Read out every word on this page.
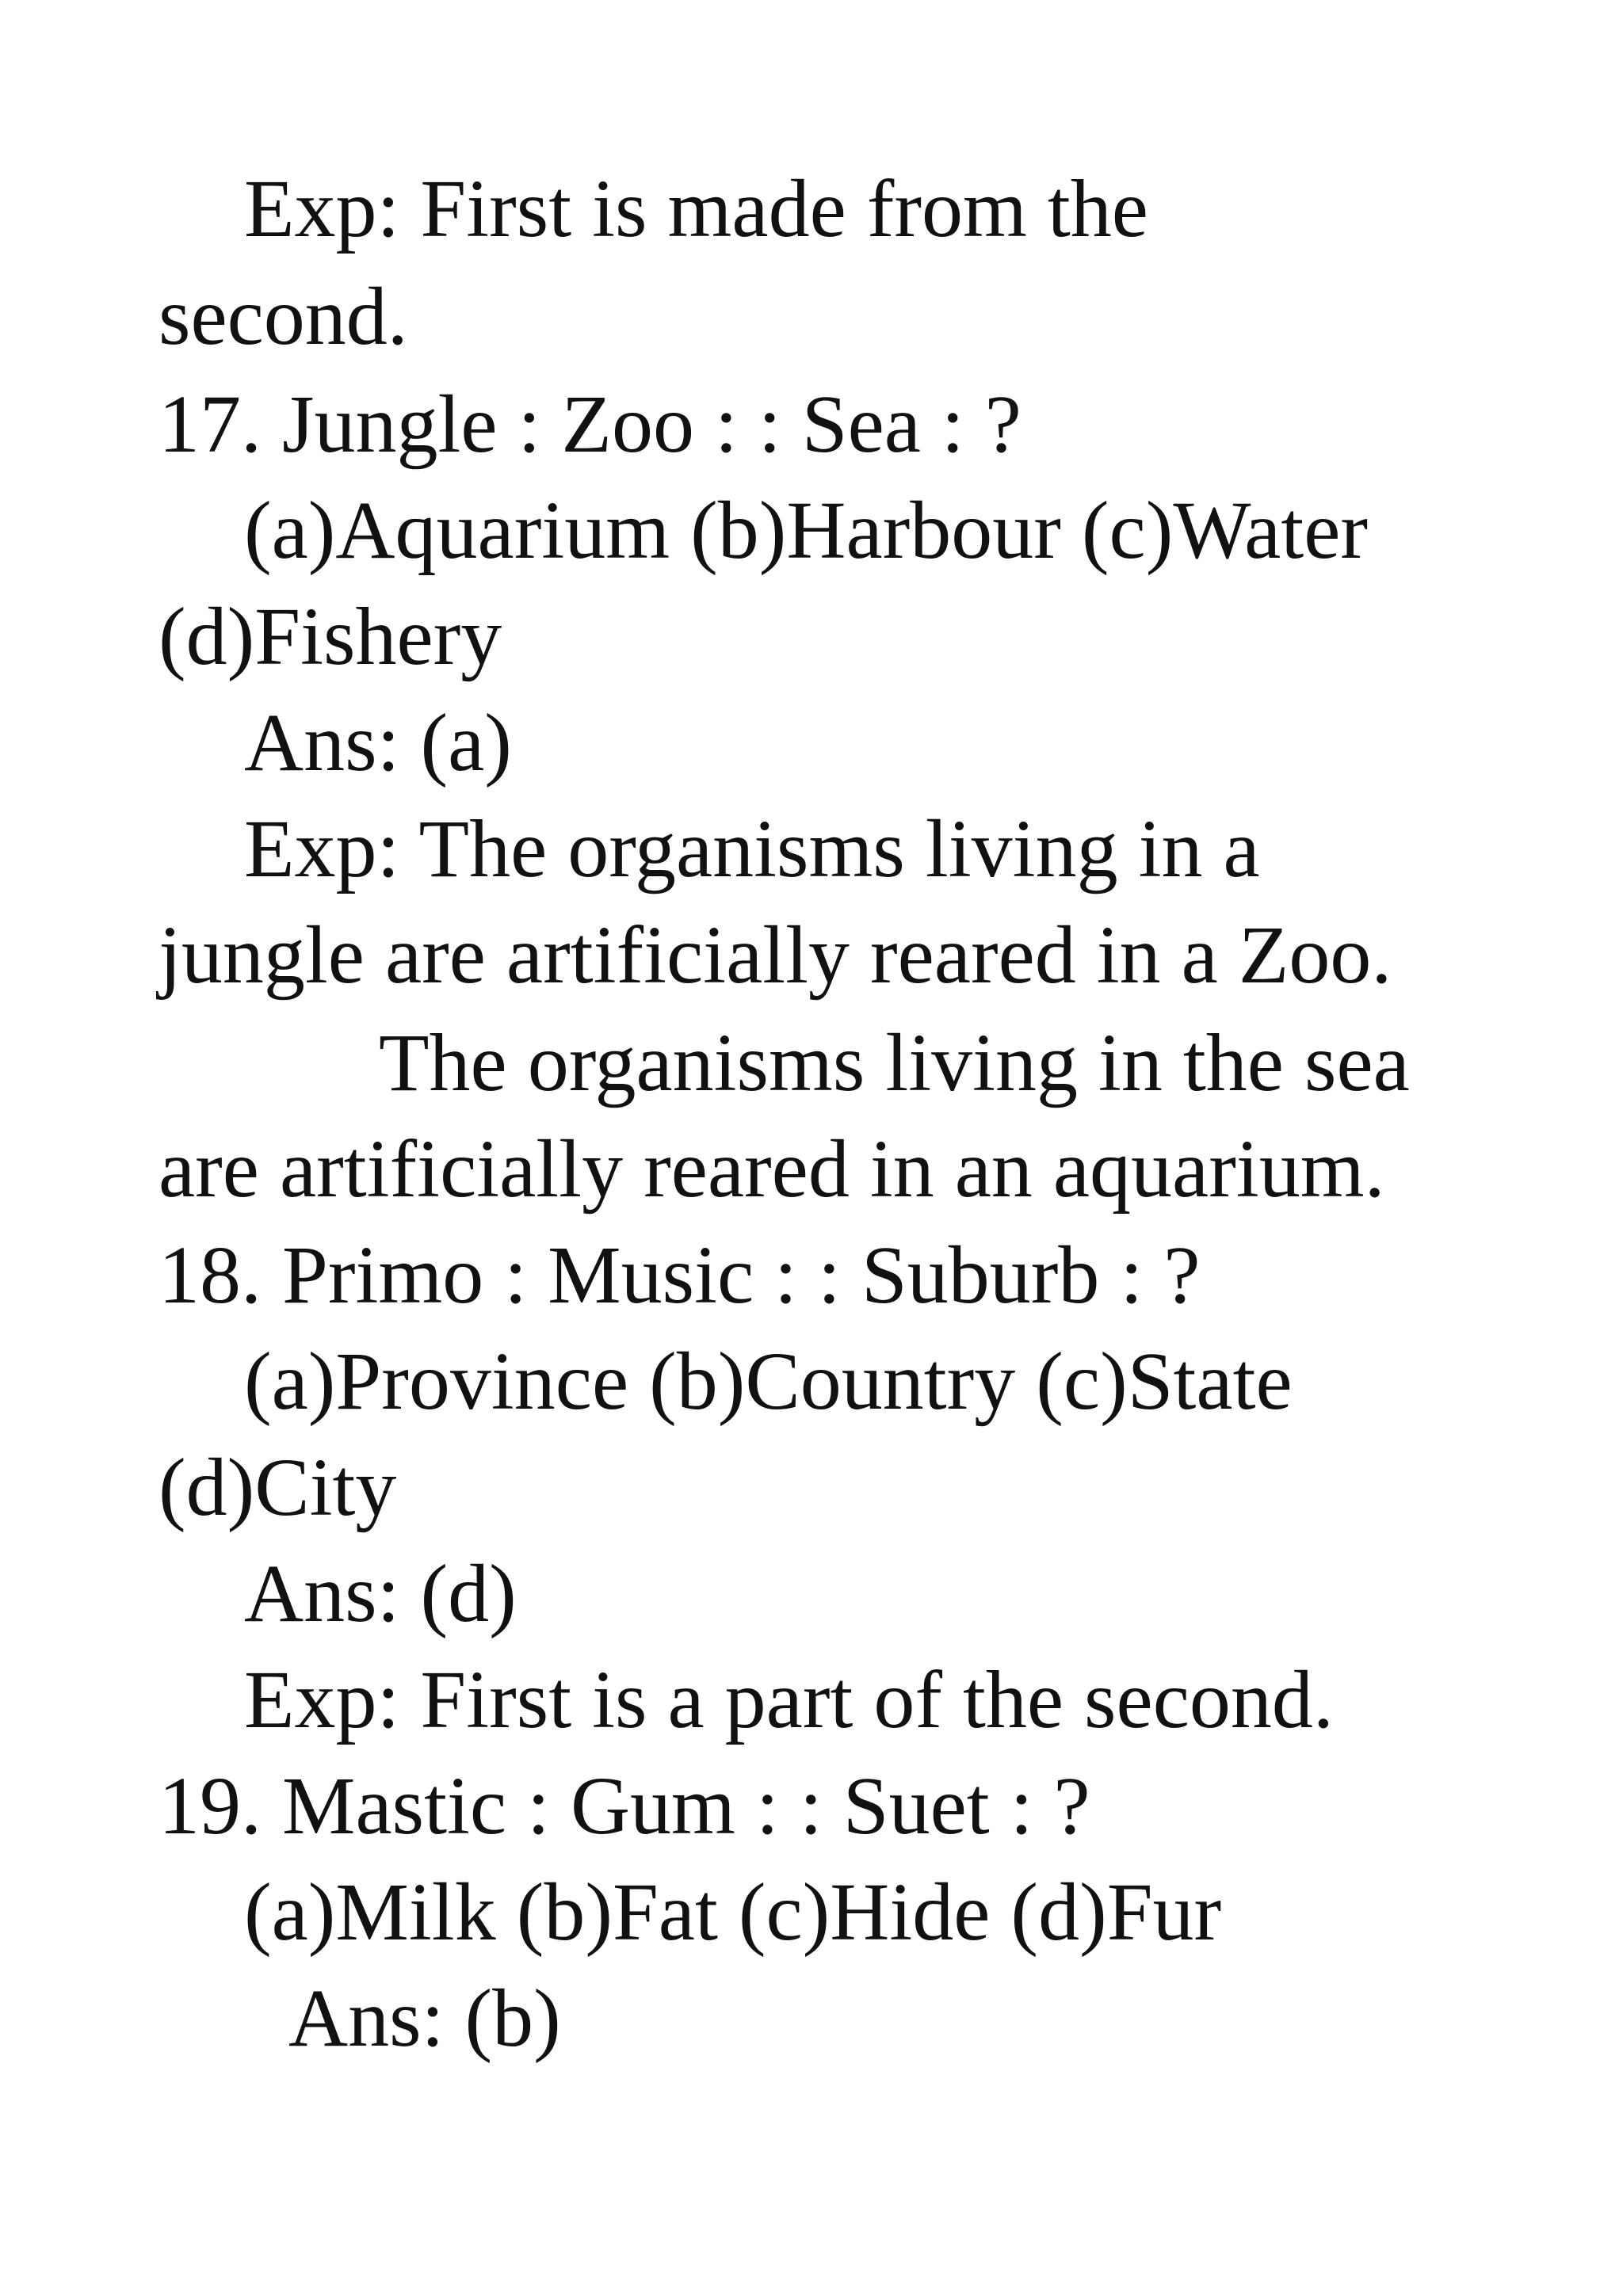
Exp: First is made from the
second.
17. Jungle : Zoo : : Sea : ?
(a)Aquarium (b)Harbour (c)Water
(d)Fishery
Ans: (a)
Exp: The organisms living in a
jungle are artificially reared in a Zoo.
The organisms living in the sea
are artificially reared in an aquarium.
18. Primo : Music : : Suburb : ?
(a)Province (b)Country (c)State
(d)City
Ans: (d)
Exp: First is a part of the second.
19. Mastic : Gum : : Suet : ?
(a)Milk (b)Fat (c)Hide (d)Fur
Ans: (b)
